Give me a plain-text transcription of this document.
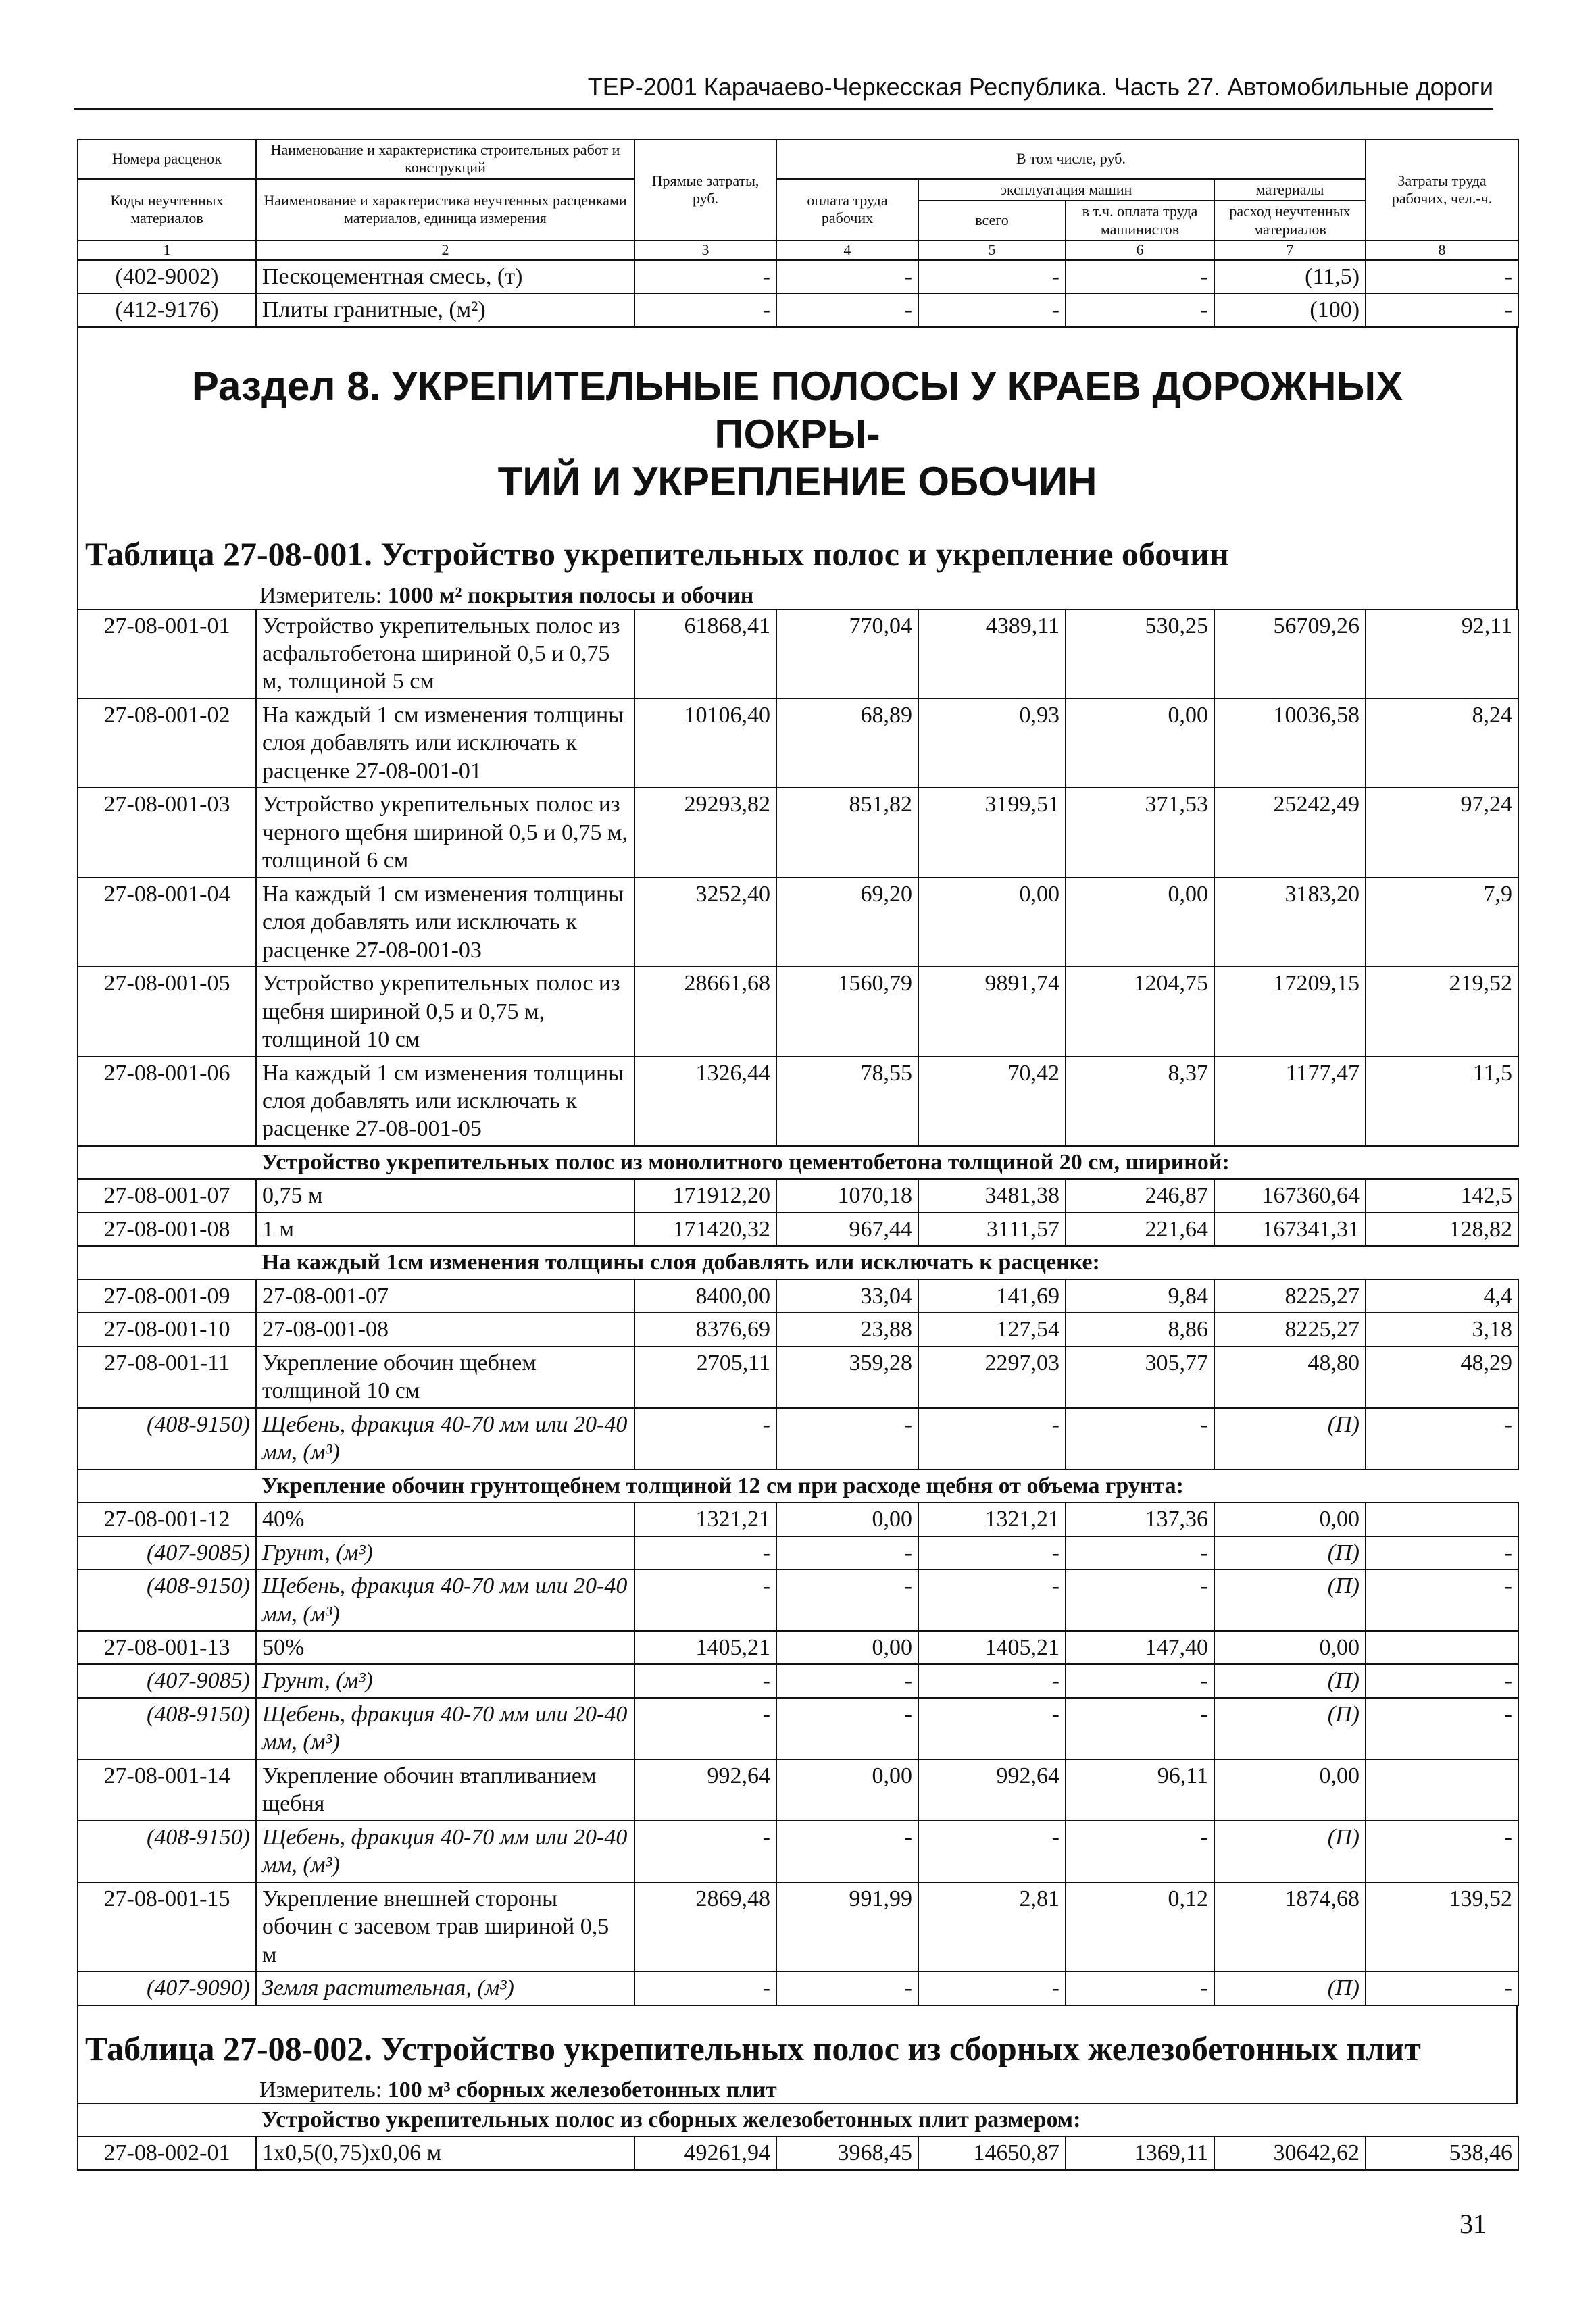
ТЕР-2001 Карачаево-Черкесская Республика. Часть 27. Автомобильные дороги
Номера расценок	Наименование и характеристика строительных работ и конструкций	Прямые затраты, руб.	В том числе, руб.				Затраты труда рабочих, чел.-ч.
Коды неучтенных материалов	Наименование и характеристика неучтенных расценками материалов, единица измерения		оплата труда рабочих	эксплуатация машин		материалы	
				всего	в т.ч. оплата труда машинистов	расход неучтенных материалов	
1	2	3	4	5	6	7	8
(402-9002)	Пескоцементная смесь, (т)	-	-	-	-	(11,5)	-
(412-9176)	Плиты гранитные, (м²)	-	-	-	-	(100)	-
Раздел 8. УКРЕПИТЕЛЬНЫЕ ПОЛОСЫ У КРАЕВ ДОРОЖНЫХ ПОКРЫ-
ТИЙ И УКРЕПЛЕНИЕ ОБОЧИН
Таблица 27-08-001. Устройство укрепительных полос и укрепление обочин
Измеритель: 1000 м² покрытия полосы и обочин
27-08-001-01	Устройство укрепительных полос из асфальтобетона шириной 0,5 и 0,75 м, толщиной 5 см	61868,41	770,04	4389,11	530,25	56709,26	92,11
27-08-001-02	На каждый 1 см изменения толщины слоя добавлять или исключать к расценке 27-08-001-01	10106,40	68,89	0,93	0,00	10036,58	8,24
27-08-001-03	Устройство укрепительных полос из черного щебня шириной 0,5 и 0,75 м, толщиной 6 см	29293,82	851,82	3199,51	371,53	25242,49	97,24
27-08-001-04	На каждый 1 см изменения толщины слоя добавлять или исключать к расценке 27-08-001-03	3252,40	69,20	0,00	0,00	3183,20	7,9
27-08-001-05	Устройство укрепительных полос из щебня шириной 0,5 и 0,75 м, толщиной 10 см	28661,68	1560,79	9891,74	1204,75	17209,15	219,52
27-08-001-06	На каждый 1 см изменения толщины слоя добавлять или исключать к расценке 27-08-001-05	1326,44	78,55	70,42	8,37	1177,47	11,5
	Устройство укрепительных полос из монолитного цементобетона толщиной 20 см, шириной:						
27-08-001-07	0,75 м	171912,20	1070,18	3481,38	246,87	167360,64	142,5
27-08-001-08	1 м	171420,32	967,44	3111,57	221,64	167341,31	128,82
	На каждый 1см изменения толщины слоя добавлять или исключать к расценке:						
27-08-001-09	27-08-001-07	8400,00	33,04	141,69	9,84	8225,27	4,4
27-08-001-10	27-08-001-08	8376,69	23,88	127,54	8,86	8225,27	3,18
27-08-001-11	Укрепление обочин щебнем толщиной 10 см	2705,11	359,28	2297,03	305,77	48,80	48,29
(408-9150)	Щебень, фракция 40-70 мм или 20-40 мм, (м³)	-	-	-	-	(П)	-
	Укрепление обочин грунтощебнем толщиной 12 см при расходе щебня от объема грунта:						
27-08-001-12	40%	1321,21	0,00	1321,21	137,36	0,00	
(407-9085)	Грунт, (м³)	-	-	-	-	(П)	-
(408-9150)	Щебень, фракция 40-70 мм или 20-40 мм, (м³)	-	-	-	-	(П)	-
27-08-001-13	50%	1405,21	0,00	1405,21	147,40	0,00	
(407-9085)	Грунт, (м³)	-	-	-	-	(П)	-
(408-9150)	Щебень, фракция 40-70 мм или 20-40 мм, (м³)	-	-	-	-	(П)	-
27-08-001-14	Укрепление обочин втапливанием щебня	992,64	0,00	992,64	96,11	0,00	
(408-9150)	Щебень, фракция 40-70 мм или 20-40 мм, (м³)	-	-	-	-	(П)	-
27-08-001-15	Укрепление внешней стороны обочин с засевом трав шириной 0,5 м	2869,48	991,99	2,81	0,12	1874,68	139,52
(407-9090)	Земля растительная, (м³)	-	-	-	-	(П)	-
Таблица 27-08-002. Устройство укрепительных полос из сборных железобетонных плит
Измеритель: 100 м³ сборных железобетонных плит
	Устройство укрепительных полос из сборных железобетонных плит размером:						
27-08-002-01	1х0,5(0,75)х0,06 м	49261,94	3968,45	14650,87	1369,11	30642,62	538,46
31
